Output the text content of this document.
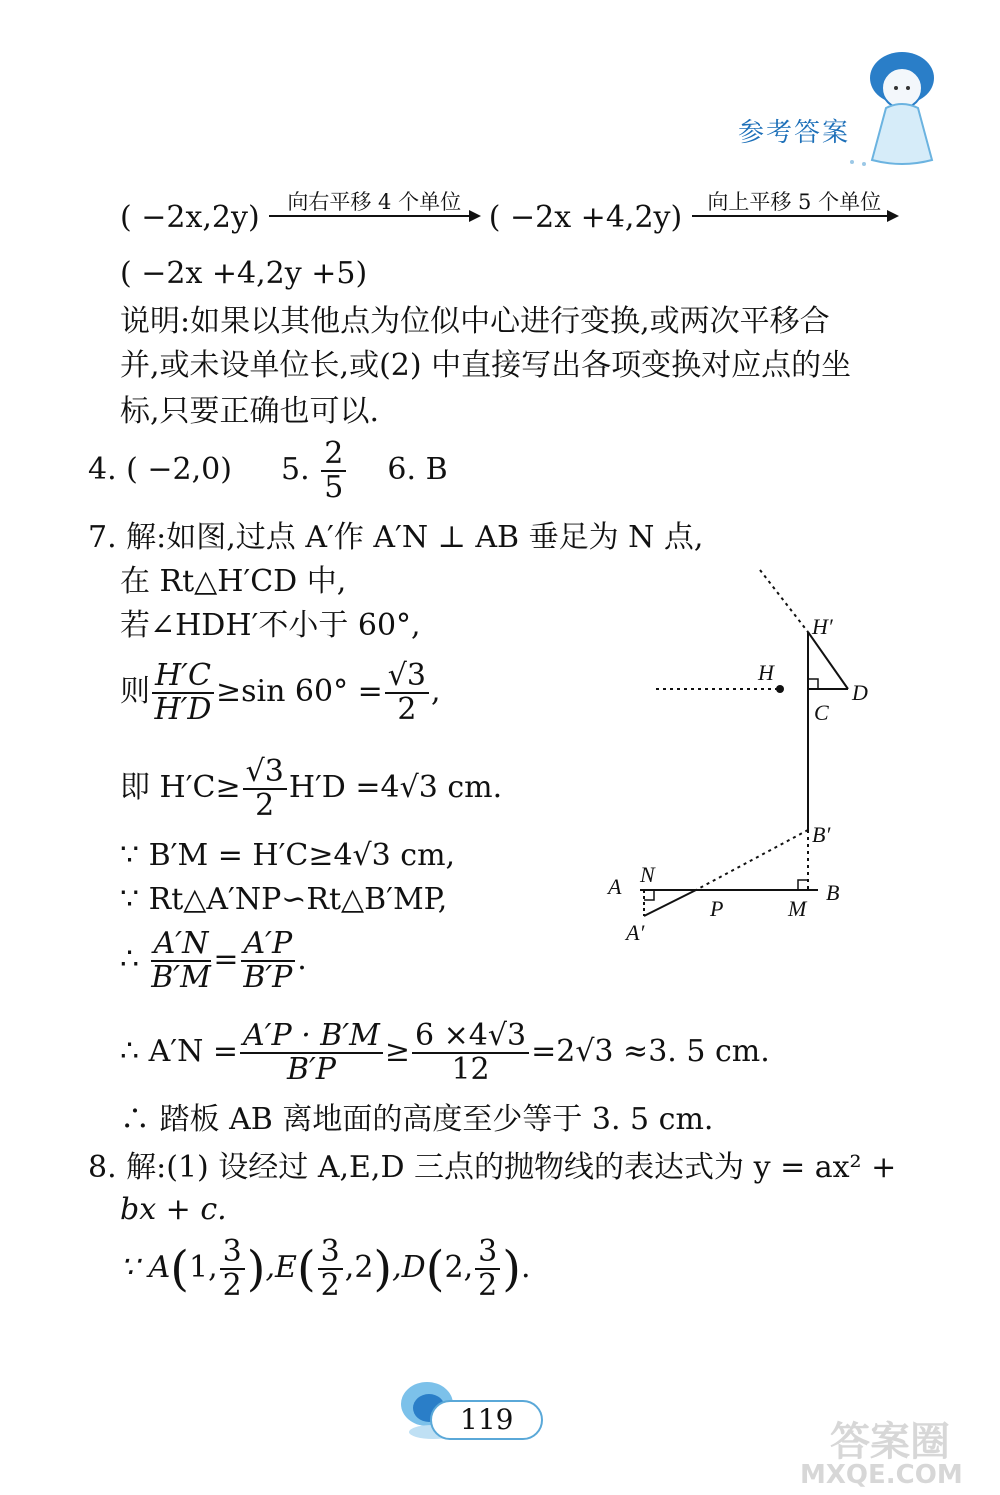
参考答案
( −2x,2y)	向右平移 4 个单位 ( −2x +4,2y)	向上平移 5 个单位
( −2x +4,2y +5)
说明:如果以其他点为位似中心进行变换,或两次平移合
并,或未设单位长,或(2) 中直接写出各项变换对应点的坐
标,只要正确也可以.
4. ( −2,0) 5. $\frac{2}{5} 6$. B
7. 解:如图,过点 A′作 A′N ⊥ AB 垂足为 N 点,
在 Rt△H′CD 中,
若∠HDH′不小于 60°,
则 $\frac{H'C}{H'D} \ge\sin$ $60^\circ = \frac{√3}{2}$ ,
即 $H'C\ge \frac{√3}{2} H'D =4√3$ cm.
∵ B′M = H′C≥4√3 cm,
∵ Rt△A′NP∽Rt△B′MP,
∴ $\frac{A'N}{B'M} = \frac{A'P}{B'P}$ .
∴ $A'N = \frac{A'P \cdot B'M}{B'P} \ge \frac{6 \times 4√3}{12} =2√3 \approx 3$. 5 cm.
∴ 踏板 AB 离地面的高度至少等于 3. 5 cm.
H′
H
D
C
B′
A N
P	M
B
A′
8. 解:(1) 设经过 A,E,D 三点的抛物线的表达式为 y = ax² +
bx + c.
∵ A(1, $\frac{3}{2} ),E( \frac{3}{2} ,2),D(2$, $\frac{3}{2}$ ).
119	答案圈
MXQE.COM
